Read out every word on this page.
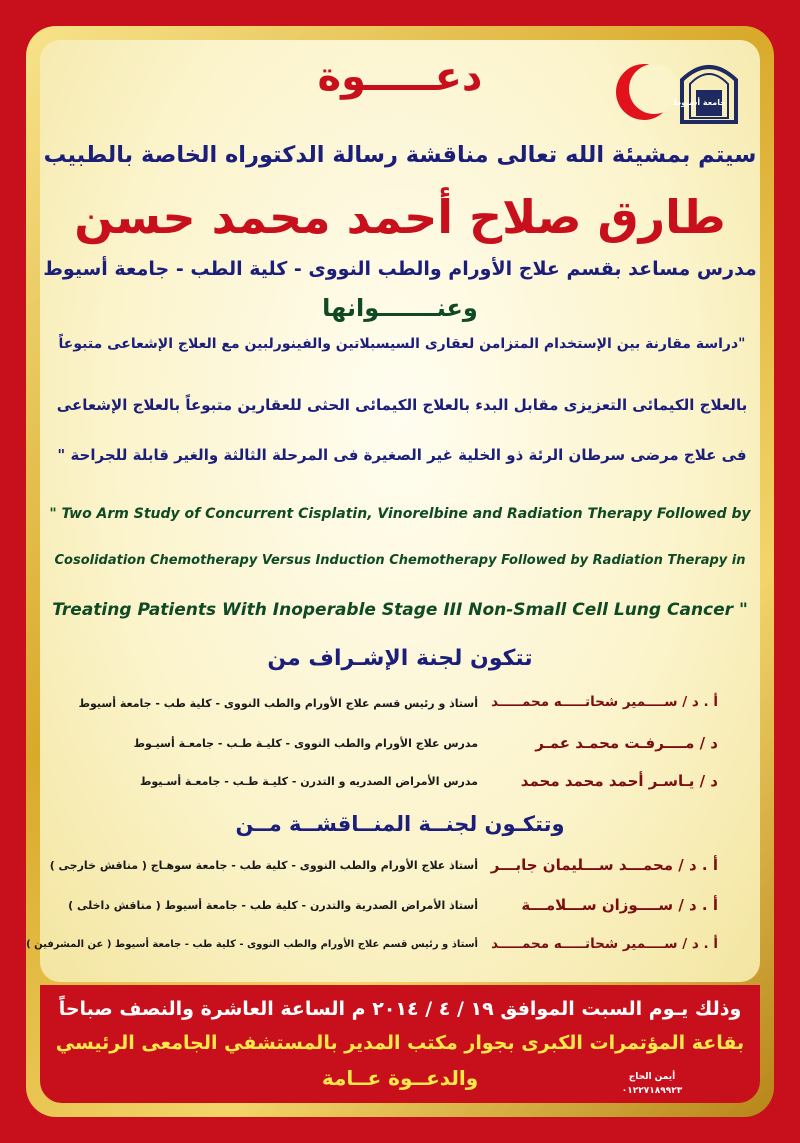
جامعة أسيوط
دعـــــوة
سيتم بمشيئة الله تعالى مناقشة رسالة الدكتوراه الخاصة بالطبيب
طارق صلاح أحمد محمد حسن
مدرس مساعد بقسم علاج الأورام والطب النووى - كلية الطب - جامعة أسيوط
وعنـــــــوانها
"دراسة مقارنة بين الإستخدام المتزامن لعقارى السيسبلاتين والفينورلبين مع العلاج الإشعاعى متبوعاً
بالعلاج الكيمائى التعزيزى مقابل البدء بالعلاج الكيمائى الحثى للعقارين متبوعاً بالعلاج الإشعاعى
فى علاج مرضى سرطان الرئة ذو الخلية غير الصغيرة فى المرحلة الثالثة والغير قابلة للجراحة "
" Two Arm Study of Concurrent Cisplatin, Vinorelbine and Radiation Therapy Followed by
Cosolidation Chemotherapy Versus Induction Chemotherapy Followed by Radiation Therapy in
Treating Patients With Inoperable Stage III Non-Small Cell Lung Cancer "
تتكون لجنة الإشـراف من
أ . د / ســــمير شحاتـــــه محمـــــد
أستاذ و رئيس قسم علاج الأورام والطب النووى - كلية طب - جامعة أسيوط
د / مــــرفـت محمـد عمـر
مدرس علاج الأورام والطب النووى - كليـة طـب - جامعـة أسيـوط
د / يـاسـر أحمد محمد محمد
مدرس الأمراض الصدريه و التدرن - كليـة طـب - جامعـة أسـيوط
وتتكـون لجنــة المنــاقشــة مــن
أ . د / محمـــد ســـليمان جابـــر
أستاذ علاج الأورام والطب النووى - كلية طب - جامعة سوهـاج ( مناقش خارجى )
أ . د / ســــوزان ســـلامـــة
أستاذ الأمراض الصدرية والتدرن - كلية طب - جامعة أسيوط ( مناقش داخلى )
أ . د / ســــمير شحاتـــــه محمـــــد
أستاذ و رئيس قسم علاج الأورام والطب النووى - كلية طب - جامعة أسيوط ( عن المشرفين )
وذلك يـوم السبت الموافق ١٩ / ٤ / ٢٠١٤ م الساعة العاشرة والنصف صباحاً
بقاعة المؤتمرات الكبرى بجوار مكتب المدير بالمستشفي الجامعى الرئيسي
والدعــوة عــامة	أيمن الحاج
٠١٢٢٧١٨٩٩٢٣
